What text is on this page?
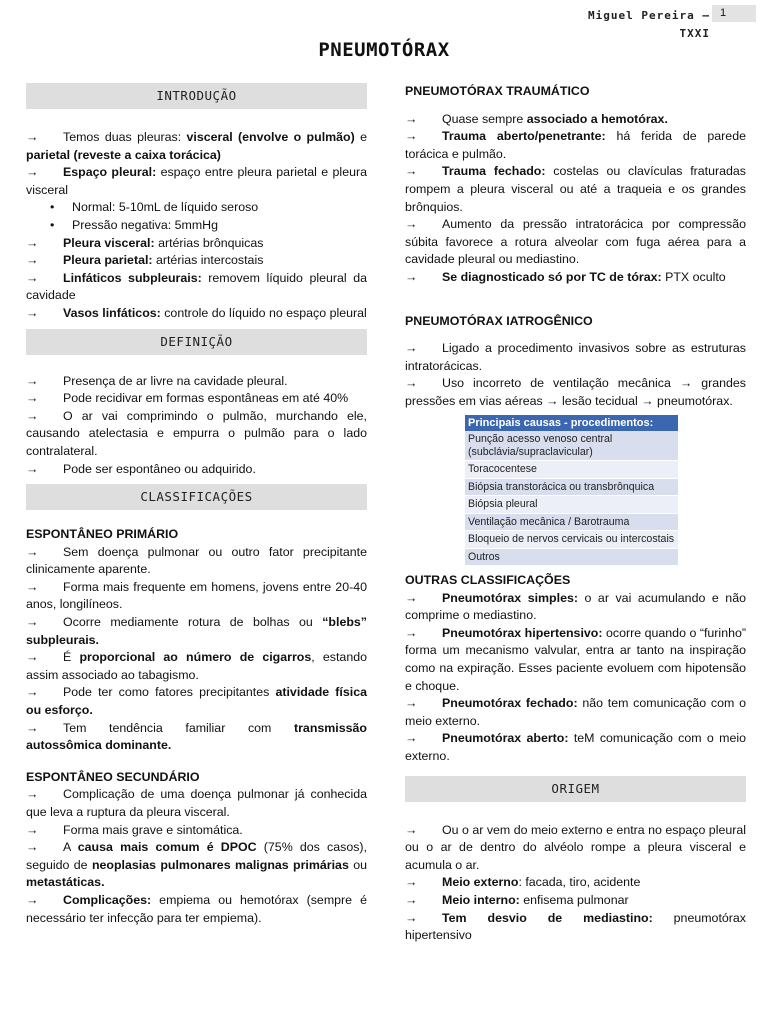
Miguel Pereira – TXXI
1
PNEUMOTÓRAX
INTRODUÇÃO

→ Temos duas pleuras: visceral (envolve o pulmão) e parietal (reveste a caixa torácica)

→ Espaço pleural: espaço entre pleura parietal e pleura visceral

• Normal: 5-10mL de líquido seroso

• Pressão negativa: 5mmHg

→ Pleura visceral: artérias brônquicas

→ Pleura parietal: artérias intercostais

→ Linfáticos subpleurais: removem líquido pleural da cavidade

→ Vasos linfáticos: controle do líquido no espaço pleural

DEFINIÇÃO

→ Presença de ar livre na cavidade pleural.

→ Pode recidivar em formas espontâneas em até 40%

→ O ar vai comprimindo o pulmão, murchando ele, causando atelectasia e empurra o pulmão para o lado contralateral.

→ Pode ser espontâneo ou adquirido.

CLASSIFICAÇÕES

ESPONTÂNEO PRIMÁRIO

→ Sem doença pulmonar ou outro fator precipitante clinicamente aparente.

→ Forma mais frequente em homens, jovens entre 20-40 anos, longilíneos.

→ Ocorre mediamente rotura de bolhas ou “blebs” subpleurais.

→ É proporcional ao número de cigarros, estando assim associado ao tabagismo.

→ Pode ter como fatores precipitantes atividade física ou esforço.

→ Tem tendência familiar com transmissão autossômica dominante.

ESPONTÂNEO SECUNDÁRIO

→ Complicação de uma doença pulmonar já conhecida que leva a ruptura da pleura visceral.

→ Forma mais grave e sintomática.

→ A causa mais comum é DPOC (75% dos casos), seguido de neoplasias pulmonares malignas primárias ou metastáticas.

→ Complicações: empiema ou hemotórax (sempre é necessário ter infecção para ter empiema).

PNEUMOTÓRAX TRAUMÁTICO

→ Quase sempre associado a hemotórax.

→ Trauma aberto/penetrante: há ferida de parede torácica e pulmão.

→ Trauma fechado: costelas ou clavículas fraturadas rompem a pleura visceral ou até a traqueia e os grandes brônquios.

→ Aumento da pressão intratorácica por compressão súbita favorece a rotura alveolar com fuga aérea para a cavidade pleural ou mediastino.

→ Se diagnosticado só por TC de tórax: PTX oculto

PNEUMOTÓRAX IATROGÊNICO

→ Ligado a procedimento invasivos sobre as estruturas intratorácicas.

→ Uso incorreto de ventilação mecânica → grandes pressões em vias aéreas → lesão tecidual → pneumotórax.

Principais causas - procedimentos:
Punção acesso venoso central (subclávia/supraclavicular)
Toracocentese
Biópsia transtorácica ou transbrônquica
Biópsia pleural
Ventilação mecânica / Barotrauma
Bloqueio de nervos cervicais ou intercostais
Outros

OUTRAS CLASSIFICAÇÕES

→ Pneumotórax simples: o ar vai acumulando e não comprime o mediastino.

→ Pneumotórax hipertensivo: ocorre quando o “furinho” forma um mecanismo valvular, entra ar tanto na inspiração como na expiração. Esses paciente evoluem com hipotensão e choque.

→ Pneumotórax fechado: não tem comunicação com o meio externo.

→ Pneumotórax aberto: teM comunicação com o meio externo.

ORIGEM

→ Ou o ar vem do meio externo e entra no espaço pleural ou o ar de dentro do alvéolo rompe a pleura visceral e acumula o ar.

→ Meio externo: facada, tiro, acidente

→ Meio interno: enfisema pulmonar

→ Tem desvio de mediastino: pneumotórax hipertensivo
